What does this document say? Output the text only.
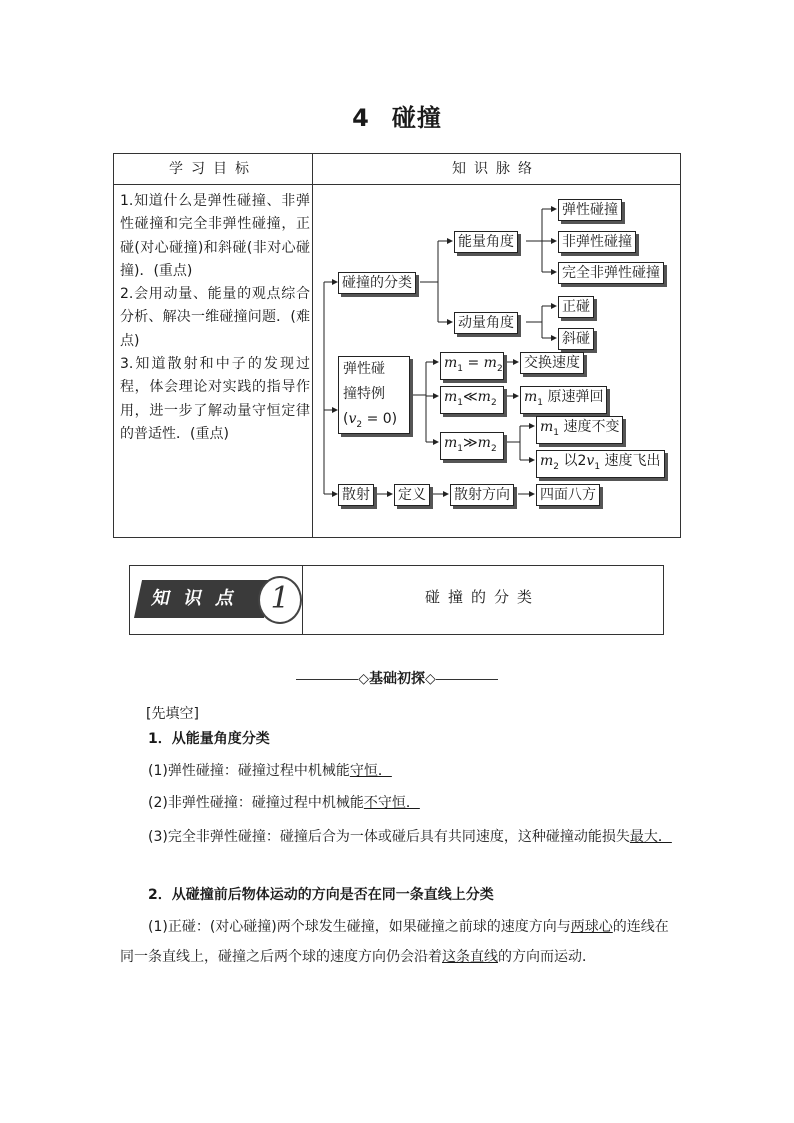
4 碰撞
学习目标	知识脉络

1.知道什么是弹性碰撞、非弹性碰撞和完全非弹性碰撞，正碰(对心碰撞)和斜碰(非对心碰撞)．(重点)

2.会用动量、能量的观点综合分析、解决一维碰撞问题．(难点)

3.知道散射和中子的发现过程，体会理论对实践的指导作用，进一步了解动量守恒定律的普适性．(重点)

碰撞的分类
能量角度
弹性碰撞
非弹性碰撞
完全非弹性碰撞
动量角度
正碰
斜碰
弹性碰
撞特例
$(v_2 = 0)$
$m_1 = m_2$
$m_1≪m_2$
$m_1≫m_2$
交换速度
$m_1$ 原速弹回
$m_1$ 速度不变
$m_2$ 以$2v_1$ 速度飞出
散射 定义 散射方向 四面八方
知识点 1	碰撞的分类
◇基础初探◇
[先填空]
1．从能量角度分类
(1)弹性碰撞：碰撞过程中机械能守恒．
(2)非弹性碰撞：碰撞过程中机械能不守恒．
(3)完全非弹性碰撞：碰撞后合为一体或碰后具有共同速度，这种碰撞动能损失最大．
2．从碰撞前后物体运动的方向是否在同一条直线上分类
(1)正碰：(对心碰撞)两个球发生碰撞，如果碰撞之前球的速度方向与两球心的连线在同一条直线上，碰撞之后两个球的速度方向仍会沿着这条直线的方向而运动．
